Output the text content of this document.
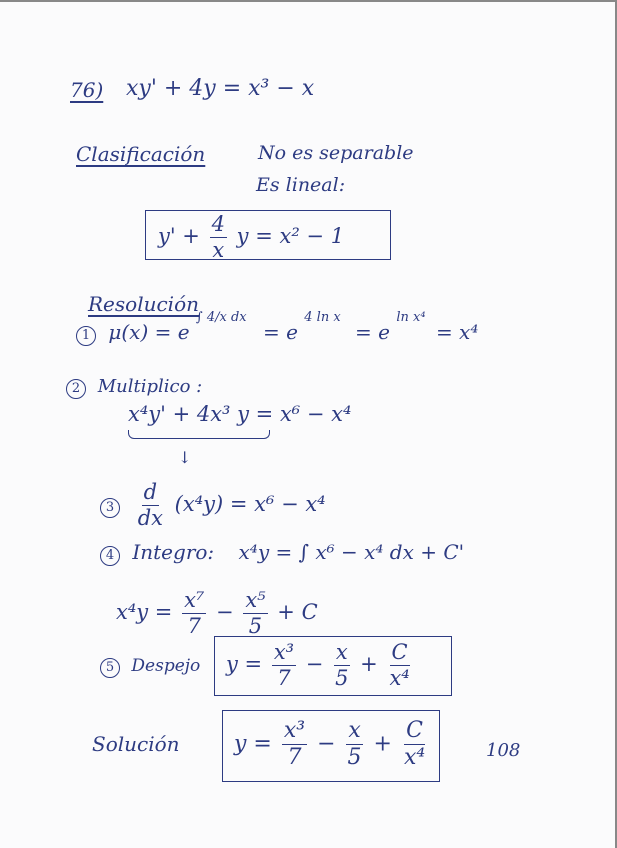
76) xy' + 4y = x³ − x
Clasificación	No es separable
Es lineal:
$y' + \frac{4}{x}$ y = x² − 1
Resolución
1 μ(x) = e $^{\int 4/x dx}$ = e $^{4 ln x}$ = e $^{ln x^4}$ = x⁴
2 Multiplico :
x⁴y' + 4x³ y = x⁶ − x⁴
↓
$3 \frac{d}{dx} (x^4y) = x^6 - x^4$
4 Integro: x⁴y = ∫ x⁶ − x⁴ dx + C'
$x^4y = \frac{\text{x⁷}}{7} - \frac{\text{x⁵}}{5} + C$
5 Despejo $y = \frac{\text{x³}}{7} - \frac{x}{5} + \frac{C}{\text{x⁴}}$
Solución $y = \frac{\text{x³}}{7} - \frac{x}{5} + \frac{C}{\text{x⁴}}$	108
